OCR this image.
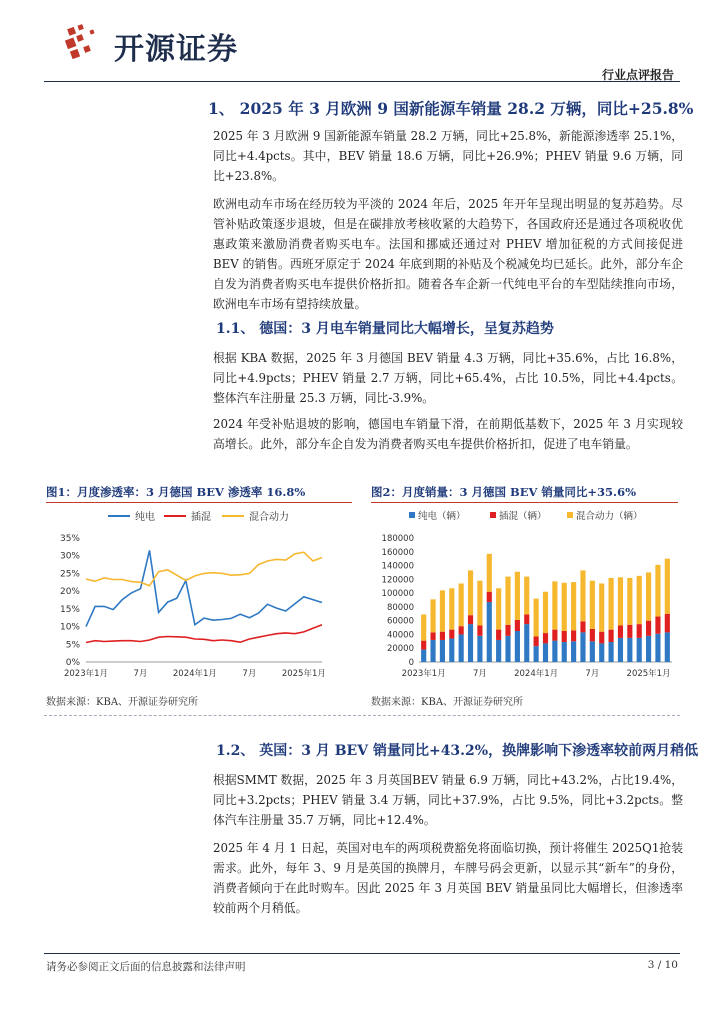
开源证券
行业点评报告
1、 2025 年 3 月欧洲 9 国新能源车销量 28.2 万辆，同比+25.8%
2025 年 3 月欧洲 9 国新能源车销量 28.2 万辆，同比+25.8%，新能源渗透率 25.1%，同比+4.4pcts。其中，BEV 销量 18.6 万辆，同比+26.9%；PHEV 销量 9.6 万辆，同比+23.8%。
欧洲电动车市场在经历较为平淡的 2024 年后，2025 年开年呈现出明显的复苏趋势。尽管补贴政策逐步退坡，但是在碳排放考核收紧的大趋势下，各国政府还是通过各项税收优惠政策来激励消费者购买电车。法国和挪威还通过对 PHEV 增加征税的方式间接促进 BEV 的销售。西班牙原定于 2024 年底到期的补贴及个税减免均已延长。此外，部分车企自发为消费者购买电车提供价格折扣。随着各车企新一代纯电平台的车型陆续推向市场，欧洲电车市场有望持续放量。
1.1、 德国：3 月电车销量同比大幅增长，呈复苏趋势
根据 KBA 数据，2025 年 3 月德国 BEV 销量 4.3 万辆，同比+35.6%，占比 16.8%，同比+4.9pcts；PHEV 销量 2.7 万辆，同比+65.4%，占比 10.5%，同比+4.4pcts。整体汽车注册量 25.3 万辆，同比-3.9%。
2024 年受补贴退坡的影响，德国电车销量下滑，在前期低基数下，2025 年 3 月实现较高增长。此外，部分车企自发为消费者购买电车提供价格折扣，促进了电车销量。
图1：月度渗透率：3 月德国 BEV 渗透率 16.8%	图2：月度销量：3 月德国 BEV 销量同比+35.6%
纯电	插混	混合动力
0%
5%
10%
15%
20%
25%
30%
35%
2023年1月	7月	2024年1月	7月	2025年1月
纯电（辆）	插混（辆）	混合动力（辆）
0
20000
40000
60000
80000
100000
120000
140000
160000
180000
2023年1月	7月	2024年1月	7月	2025年1月
数据来源：KBA、开源证券研究所	数据来源：KBA、开源证券研究所
1.2、 英国：3 月 BEV 销量同比+43.2%，换牌影响下渗透率较前两月稍低
根据SMMT 数据，2025 年 3 月英国BEV 销量 6.9 万辆，同比+43.2%，占比19.4%，同比+3.2pcts；PHEV 销量 3.4 万辆，同比+37.9%，占比 9.5%，同比+3.2pcts。整体汽车注册量 35.7 万辆，同比+12.4%。
2025 年 4 月 1 日起，英国对电车的两项税费豁免将面临切换，预计将催生 2025Q1抢装需求。此外，每年 3、9 月是英国的换牌月，车牌号码会更新，以显示其“新车”的身份，消费者倾向于在此时购车。因此 2025 年 3 月英国 BEV 销量虽同比大幅增长，但渗透率较前两个月稍低。
请务必参阅正文后面的信息披露和法律声明	3 / 10
